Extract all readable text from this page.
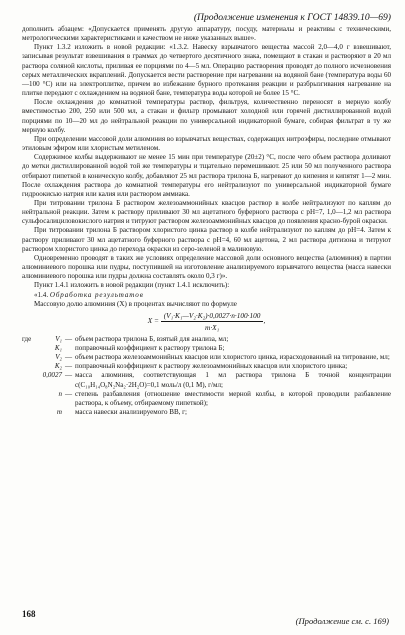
(Продолжение изменения к ГОСТ 14839.10—69)

дополнить абзацем: «Допускается применять другую аппаратуру, посуду, материалы и реактивы с техническими, метрологическими характеристиками и качеством не ниже указанных выше».

Пункт 1.3.2 изложить в новой редакции: «1.3.2. Навеску взрывчатого вещества массой 2,0—4,0 г взвешивают, записывая результат взвешивания в граммах до четвертого десятичного знака, помещают в стакан и растворяют в 20 мл раствора соляной кислоты, приливая ее порциями по 4—5 мл. Операцию растворения проводят до полного исчезновения серых металлических вкраплений. Допускается вести растворение при нагревании на водяной бане (температура воды 60—100 °С) или на электроплитке, причем во избежание бурного протекания реакции и разбрызгивания нагревание на плитке передают с охлаждением на водяной бане, температура воды которой не более 15 °С.

После охлаждения до комнатной температуры раствор, фильтруя, количественно переносят в мерную колбу вместимостью 200, 250 или 500 мл, а стакан и фильтр промывают холодной или горячей дистиллированной водой порциями по 10—20 мл до нейтральной реакции по универсальной индикаторной бумаге, собирая фильтрат в ту же мерную колбу.

При определении массовой доли алюминия во взрывчатых веществах, содержащих нитроэфиры, последние отмывают этиловым эфиром или хлористым метиленом.

Содержимое колбы выдерживают не менее 15 мин при температуре (20±2) °С, после чего объем раствора доливают до метки дистиллированной водой той же температуры и тщательно перемешивают. 25 или 50 мл полученного раствора отбирают пипеткой в коническую колбу, добавляют 25 мл раствора трилона Б, нагревают до кипения и кипятят 1—2 мин. После охлаждения раствора до комнатной температуры его нейтрализуют по универсальной индикаторной бумаге гидроокисью натрия или калия или раствором аммиака.

При титровании трилона Б раствором железоаммонийных квасцов раствор в колбе нейтрализуют по каплям до нейтральной реакции. Затем к раствору приливают 30 мл ацетатного буферного раствора с pH=7, 1,0—1,2 мл раствора сульфосалициловокислого натрия и титруют раствором железоаммонийных квасцов до появления красно-бурой окраски.

При титровании трилона Б раствором хлористого цинка раствор в колбе нейтрализуют по каплям до pH=4. Затем к раствору приливают 30 мл ацетатного буферного раствора с pH=4, 60 мл ацетона, 2 мл раствора дитизона и титруют раствором хлористого цинка до перехода окраски из серо-зеленой в малиновую.

Одновременно проводят в таких же условиях определение массовой доли основного вещества (алюминия) в партии алюминиевого порошка или пудры, поступившей на изготовление анализируемого взрывчатого вещества (масса навески алюминиевого порошка или пудры должна составлять около 0,3 г)».

Пункт 1.4.1 изложить в новой редакции (пункт 1.4.1 исключить):

«1.4. Обработка результатов

Массовую долю алюминия (X) в процентах вычисляют по формуле

$X = \frac{\text{(V₁·K₁—V₂·K₂)·0,0027·n·100·100}}{\text{m·X₁}}$ ,
где	V₁	—	объем раствора трилона Б, взятый для анализа, мл;
	K₁		поправочный коэффициент к раствору трилона Б;
	V₂	—	объем раствора железоаммонийных квасцов или хлористого цинка, израсходованный на титрование, мл;
	K₂	—	поправочный коэффициент к раствору железоаммонийных квасцов или хлористого цинка;
	0,0027	—	масса алюминия, соответствующая 1 мл раствора трилона Б точной концентрации c(C₁₀H₁₄O₈N₂Na₂·2H₂O)=0,1 моль/л (0,1 М), г/мл;
	n	—	степень разбавления (отношение вместимости мерной колбы, в которой проводили разбавление раствора, к объему, отбираемому пипеткой);
	m		масса навески анализируемого ВВ, г;
168
(Продолжение см. с. 169)
